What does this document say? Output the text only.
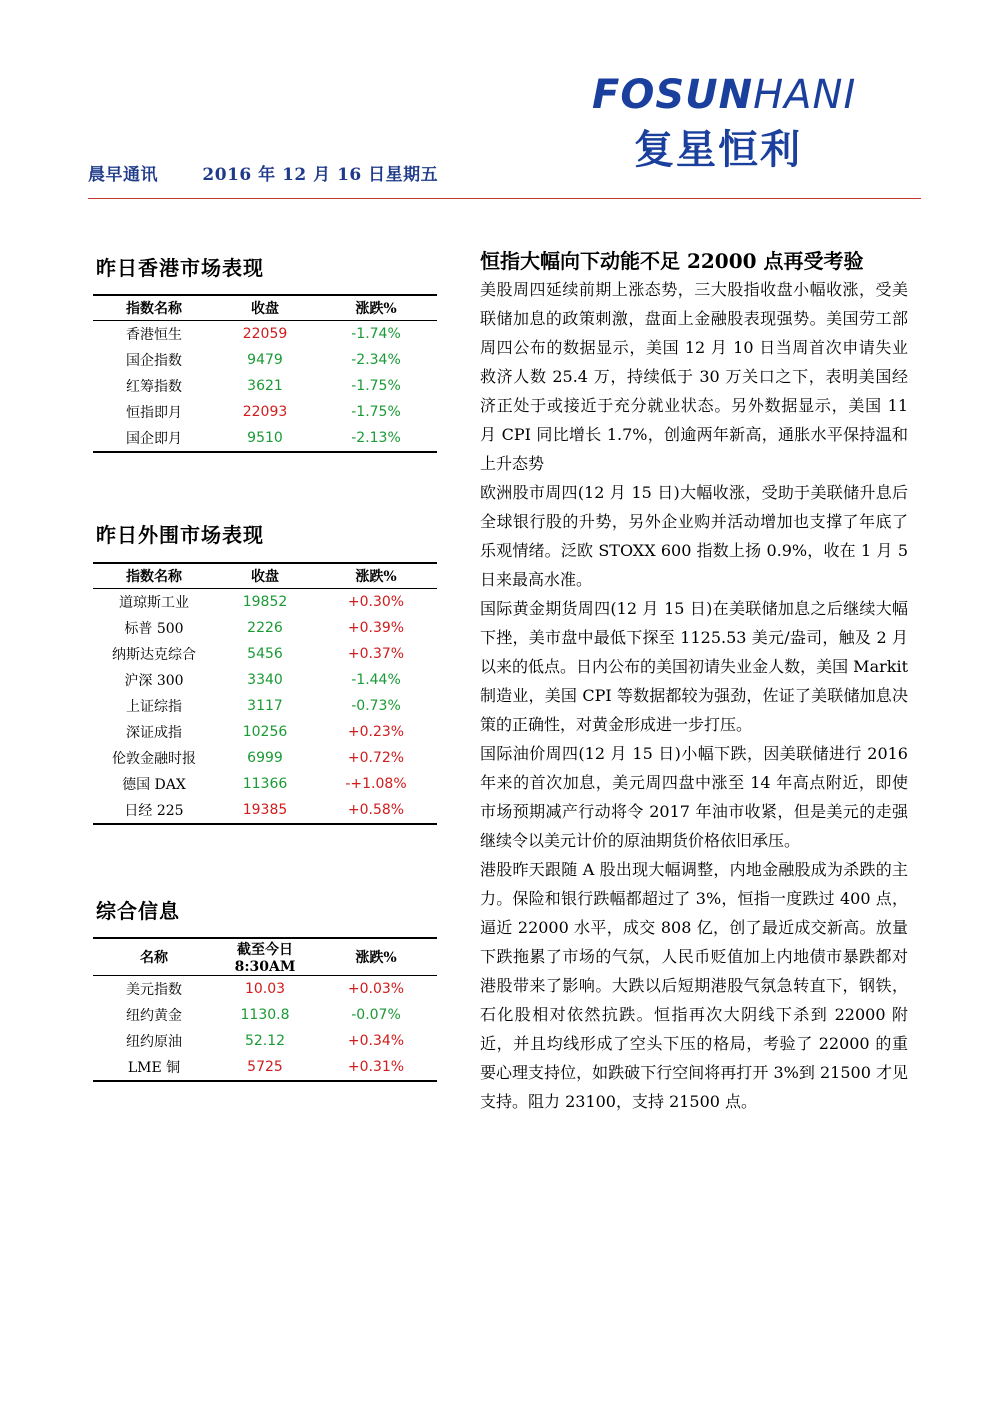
晨早通讯	2016 年 12 月 16 日星期五
FOSUNHANI
复星恒利
昨日香港市场表现
指数名称	收盘	涨跌%
香港恒生	22059	-1.74%
国企指数	9479	-2.34%
红筹指数	3621	-1.75%
恒指即月	22093	-1.75%
国企即月	9510	-2.13%
昨日外围市场表现
指数名称	收盘	涨跌%
道琼斯工业	19852	+0.30%
标普 500	2226	+0.39%
纳斯达克综合	5456	+0.37%
沪深 300	3340	-1.44%
上证综指	3117	-0.73%
深证成指	10256	+0.23%
伦敦金融时报	6999	+0.72%
德国 DAX	11366	-+1.08%
日经 225	19385	+0.58%
综合信息
名称	截至今日 8:30AM	涨跌%
美元指数	10.03	+0.03%
纽约黄金	1130.8	-0.07%
纽约原油	52.12	+0.34%
LME 铜	5725	+0.31%
恒指大幅向下动能不足 22000 点再受考验

美股周四延续前期上涨态势，三大股指收盘小幅收涨，受美联储加息的政策刺激，盘面上金融股表现强势。美国劳工部周四公布的数据显示，美国 12 月 10 日当周首次申请失业救济人数 25.4 万，持续低于 30 万关口之下，表明美国经济正处于或接近于充分就业状态。另外数据显示，美国 11 月 CPI 同比增长 1.7%，创逾两年新高，通胀水平保持温和上升态势

欧洲股市周四(12 月 15 日)大幅收涨，受助于美联储升息后全球银行股的升势，另外企业购并活动增加也支撑了年底了乐观情绪。泛欧 STOXX 600 指数上扬 0.9%，收在 1 月 5 日来最高水准。

国际黄金期货周四(12 月 15 日)在美联储加息之后继续大幅下挫，美市盘中最低下探至 1125.53 美元/盎司，触及 2 月以来的低点。日内公布的美国初请失业金人数，美国 Markit 制造业，美国 CPI 等数据都较为强劲，佐证了美联储加息决策的正确性，对黄金形成进一步打压。

国际油价周四(12 月 15 日)小幅下跌，因美联储进行 2016 年来的首次加息，美元周四盘中涨至 14 年高点附近，即使市场预期减产行动将令 2017 年油市收紧，但是美元的走强继续令以美元计价的原油期货价格依旧承压。

港股昨天跟随 A 股出现大幅调整，内地金融股成为杀跌的主力。保险和银行跌幅都超过了 3%，恒指一度跌过 400 点，逼近 22000 水平，成交 808 亿，创了最近成交新高。放量下跌拖累了市场的气氛，人民币贬值加上内地债市暴跌都对港股带来了影响。大跌以后短期港股气氛急转直下，钢铁，石化股相对依然抗跌。恒指再次大阴线下杀到 22000 附近，并且均线形成了空头下压的格局，考验了 22000 的重要心理支持位，如跌破下行空间将再打开 3%到 21500 才见支持。阻力 23100，支持 21500 点。
